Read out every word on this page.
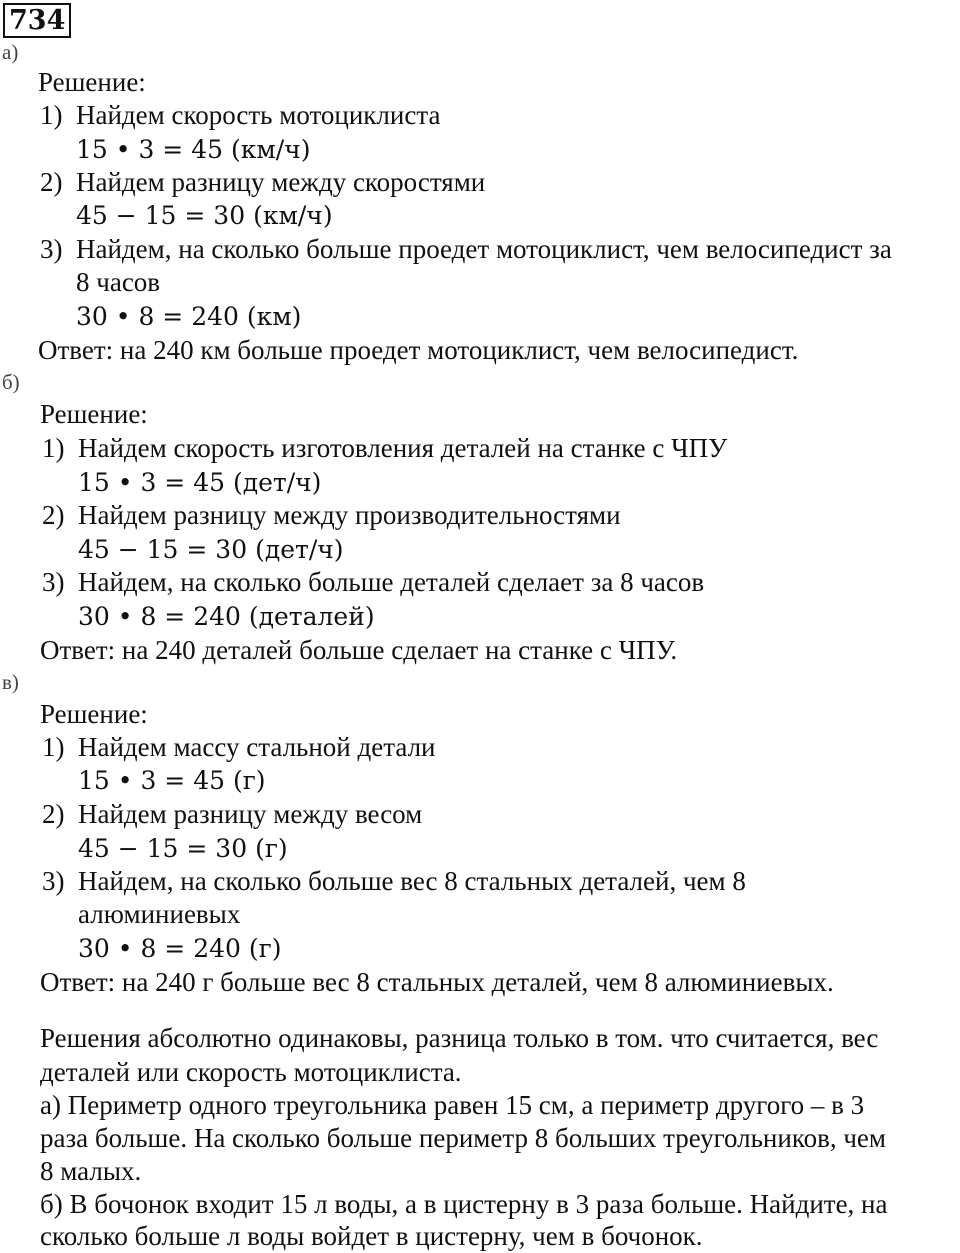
734
а)
Решение:
1) Найдем скорость мотоциклиста
15 • 3 = 45 (км/ч)
2) Найдем разницу между скоростями
45 − 15 = 30 (км/ч)
3) Найдем, на сколько больше проедет мотоциклист, чем велосипедист за
8 часов
30 • 8 = 240 (км)
Ответ: на 240 км больше проедет мотоциклист, чем велосипедист.
б)
Решение:
1) Найдем скорость изготовления деталей на станке с ЧПУ
15 • 3 = 45 (дет/ч)
2) Найдем разницу между производительностями
45 − 15 = 30 (дет/ч)
3) Найдем, на сколько больше деталей сделает за 8 часов
30 • 8 = 240 (деталей)
Ответ: на 240 деталей больше сделает на станке с ЧПУ.
в)
Решение:
1) Найдем массу стальной детали
15 • 3 = 45 (г)
2) Найдем разницу между весом
45 − 15 = 30 (г)
3) Найдем, на сколько больше вес 8 стальных деталей, чем 8
алюминиевых
30 • 8 = 240 (г)
Ответ: на 240 г больше вес 8 стальных деталей, чем 8 алюминиевых.
Решения абсолютно одинаковы, разница только в том. что считается, вес
деталей или скорость мотоциклиста.
а) Периметр одного треугольника равен 15 см, а периметр другого – в 3
раза больше. На сколько больше периметр 8 больших треугольников, чем
8 малых.
б) В бочонок входит 15 л воды, а в цистерну в 3 раза больше. Найдите, на
сколько больше л воды войдет в цистерну, чем в бочонок.
